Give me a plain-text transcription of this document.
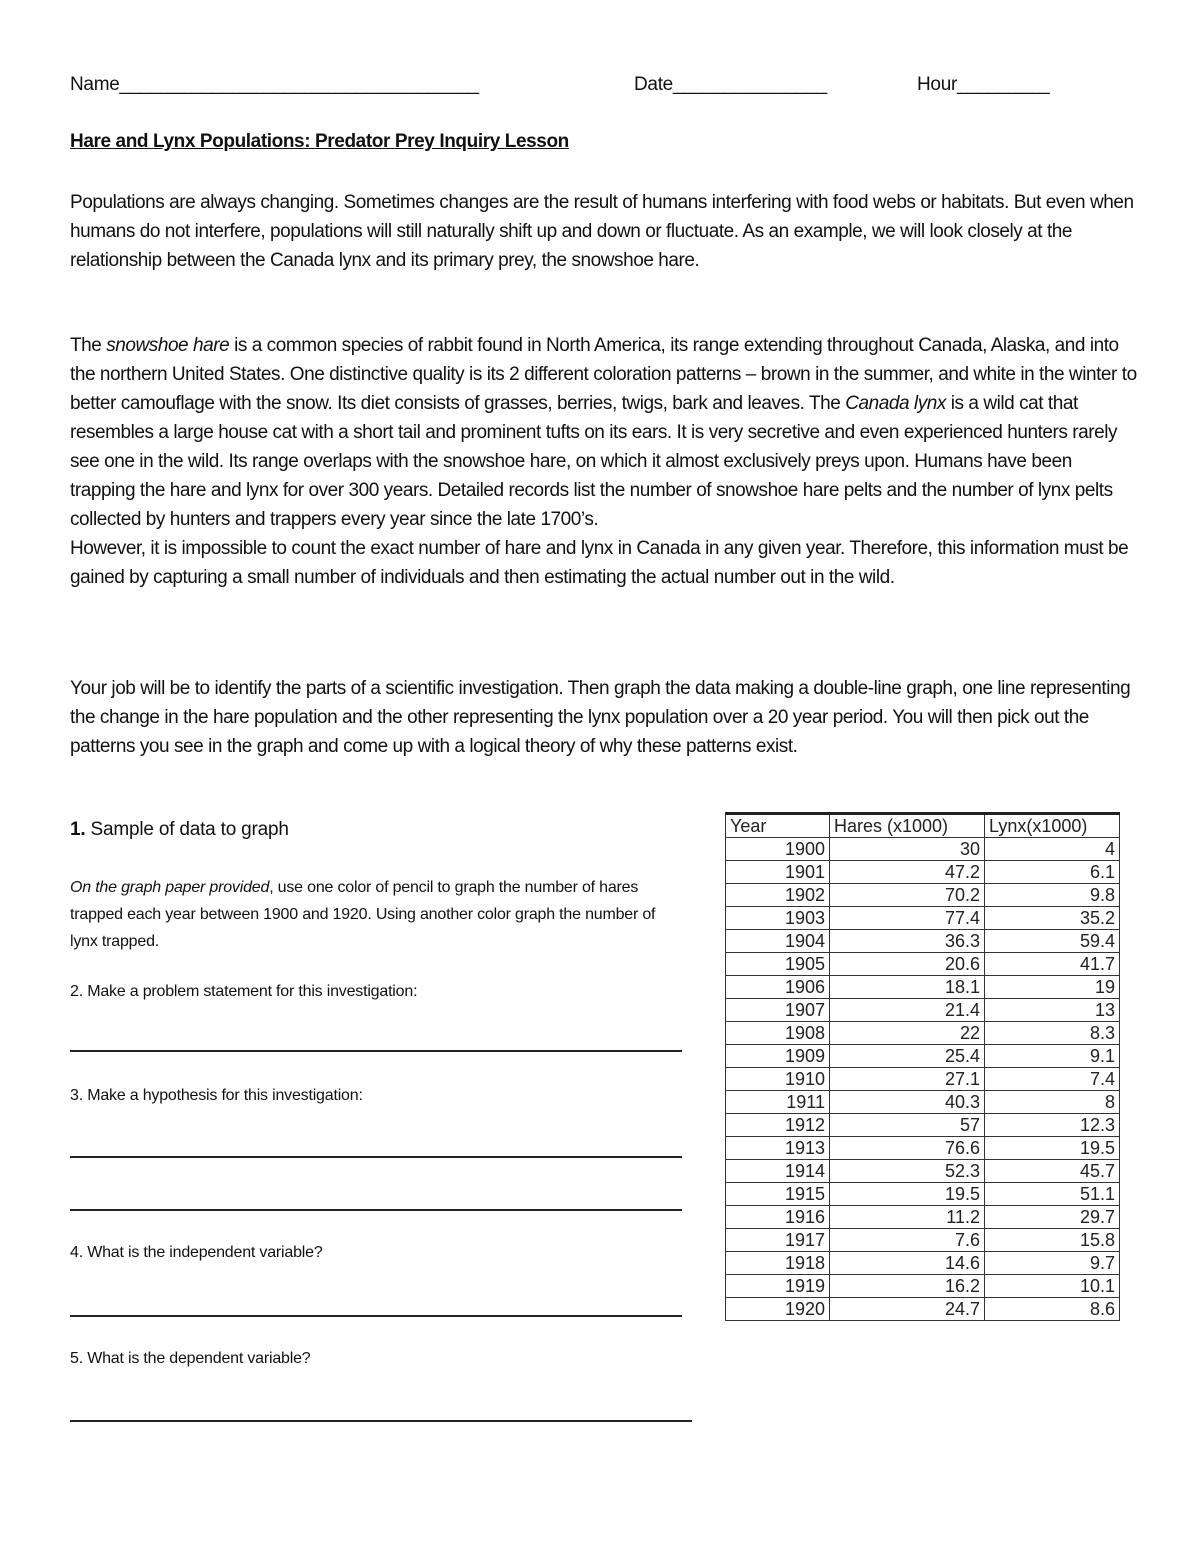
Name___________________________________	Date_______________	Hour_________
Hare and Lynx Populations: Predator Prey Inquiry Lesson

Populations are always changing. Sometimes changes are the result of humans interfering with food webs or habitats. But even when humans do not interfere, populations will still naturally shift up and down or fluctuate. As an example, we will look closely at the relationship between the Canada lynx and its primary prey, the snowshoe hare.

The snowshoe hare is a common species of rabbit found in North America, its range extending throughout Canada, Alaska, and into the northern United States. One distinctive quality is its 2 different coloration patterns – brown in the summer, and white in the winter to better camouflage with the snow. Its diet consists of grasses, berries, twigs, bark and leaves. The Canada lynx is a wild cat that resembles a large house cat with a short tail and prominent tufts on its ears. It is very secretive and even experienced hunters rarely see one in the wild. Its range overlaps with the snowshoe hare, on which it almost exclusively preys upon. Humans have been trapping the hare and lynx for over 300 years. Detailed records list the number of snowshoe hare pelts and the number of lynx pelts collected by hunters and trappers every year since the late 1700’s.
However, it is impossible to count the exact number of hare and lynx in Canada in any given year. Therefore, this information must be gained by capturing a small number of individuals and then estimating the actual number out in the wild.

Your job will be to identify the parts of a scientific investigation. Then graph the data making a double-line graph, one line representing the change in the hare population and the other representing the lynx population over a 20 year period. You will then pick out the patterns you see in the graph and come up with a logical theory of why these patterns exist.

1. Sample of data to graph

On the graph paper provided, use one color of pencil to graph the number of hares trapped each year between 1900 and 1920. Using another color graph the number of lynx trapped.

2. Make a problem statement for this investigation:
3. Make a hypothesis for this investigation:
4. What is the independent variable?
5. What is the dependent variable?
Year	Hares (x1000)	Lynx(x1000)
1900	30	4
1901	47.2	6.1
1902	70.2	9.8
1903	77.4	35.2
1904	36.3	59.4
1905	20.6	41.7
1906	18.1	19
1907	21.4	13
1908	22	8.3
1909	25.4	9.1
1910	27.1	7.4
1911	40.3	8
1912	57	12.3
1913	76.6	19.5
1914	52.3	45.7
1915	19.5	51.1
1916	11.2	29.7
1917	7.6	15.8
1918	14.6	9.7
1919	16.2	10.1
1920	24.7	8.6
